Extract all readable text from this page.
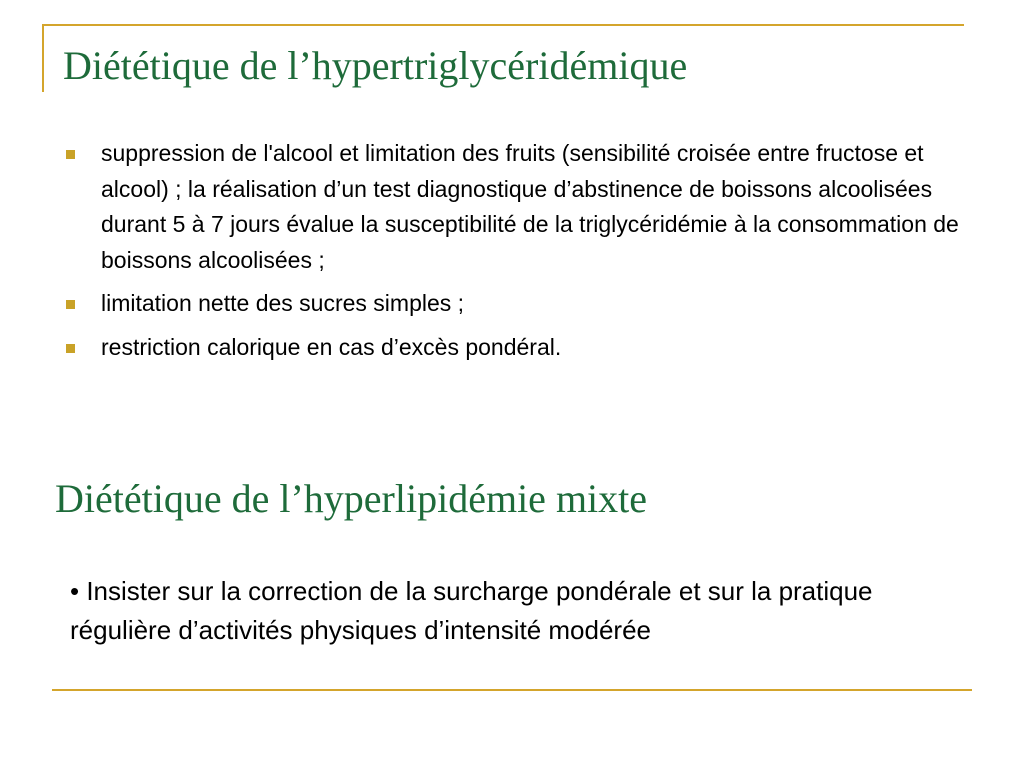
Diététique de l’hypertriglycéridémique
suppression de l'alcool et limitation des fruits (sensibilité croisée entre fructose et alcool) ; la réalisation d’un test diagnostique d’abstinence de boissons alcoolisées durant 5 à 7 jours évalue la susceptibilité de la triglycéridémie à la consommation de boissons alcoolisées ;
limitation nette des sucres simples ;
restriction calorique en cas d’excès pondéral.
Diététique de l’hyperlipidémie mixte

• Insister sur la correction de la surcharge pondérale et sur la pratique régulière d’activités physiques d’intensité modérée
